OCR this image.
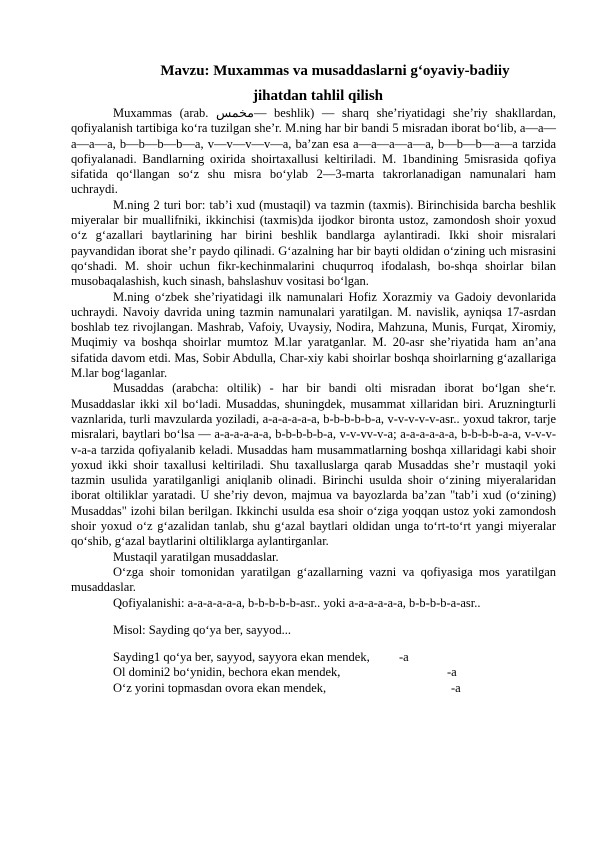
Mavzu: Muxammas va musaddaslarni g‘oyaviy-badiiy
jihatdan tahlil qilish

Muxammas (arab. مخمس— beshlik) — sharq she’riyatidagi she’riy shakllardan, qofiyalanish tartibiga ko‘ra tuzilgan she’r. M.ning har bir bandi 5 misradan iborat bo‘lib, a—a—a—a—a, b—b—b—b—a, v—v—v—v—a, ba’zan esa a—a—a—a—a, b—b—b—a—a tarzida qofiyalanadi. Bandlarning oxirida shoirtaxallusi keltiriladi. M. 1bandining 5misrasida qofiya sifatida qo‘llangan so‘z shu misra bo‘ylab 2—3-marta takrorlanadigan namunalari ham uchraydi.

M.ning 2 turi bor: tab’i xud (mustaqil) va tazmin (taxmis). Birinchisida barcha beshlik miyeralar bir muallifniki, ikkinchisi (taxmis)da ijodkor bironta ustoz, zamondosh shoir yoxud o‘z g‘azallari baytlarining har birini beshlik bandlarga aylantiradi. Ikki shoir misralari payvandidan iborat she’r paydo qilinadi. G‘azalning har bir bayti oldidan o‘zining uch misrasini qo‘shadi. M. shoir uchun fikr-kechinmalarini chuqurroq ifodalash, bo-shqa shoirlar bilan musobaqalashish, kuch sinash, bahslashuv vositasi bo‘lgan.

M.ning o‘zbek she’riyatidagi ilk namunalari Hofiz Xorazmiy va Gadoiy devonlarida uchraydi. Navoiy davrida uning tazmin namunalari yaratilgan. M. navislik, ayniqsa 17-asrdan boshlab tez rivojlangan. Mashrab, Vafoiy, Uvaysiy, Nodira, Mahzuna, Munis, Furqat, Xiromiy, Muqimiy va boshqa shoirlar mumtoz M.lar yaratganlar. M. 20-asr she’riyatida ham an’ana sifatida davom etdi. Mas, Sobir Abdulla, Char-xiy kabi shoirlar boshqa shoirlarning g‘azallariga M.lar bog‘laganlar.

Musaddas (arabcha: oltilik) - har bir bandi olti misradan iborat bo‘lgan she‘r. Musaddaslar ikki xil bo‘ladi. Musaddas, shuningdek, musammat xillaridan biri. Aruzningturli vaznlarida, turli mavzularda yoziladi, a-a-a-a-a-a, b-b-b-b-b-a, v-v-v-v-v-asr.. yoxud takror, tarje misralari, baytlari bo‘lsa — a-a-a-a-a-a, b-b-b-b-b-a, v-v-vv-v-a; a-a-a-a-a-a, b-b-b-b-a-a, v-v-v-v-a-a tarzida qofiyalanib keladi. Musaddas ham musammatlarning boshqa xillaridagi kabi shoir yoxud ikki shoir taxallusi keltiriladi. Shu taxalluslarga qarab Musaddas she’r mustaqil yoki tazmin usulida yaratilganligi aniqlanib olinadi. Birinchi usulda shoir o‘zining miyeralaridan iborat oltiliklar yaratadi. U she’riy devon, majmua va bayozlarda ba’zan "tab’i xud (o‘zining) Musaddas" izohi bilan berilgan. Ikkinchi usulda esa shoir o‘ziga yoqqan ustoz yoki zamondosh shoir yoxud o‘z g‘azalidan tanlab, shu g‘azal baytlari oldidan unga to‘rt-to‘rt yangi miyeralar qo‘shib, g‘azal baytlarini oltiliklarga aylantirganlar.

Mustaqil yaratilgan musaddaslar.

O‘zga shoir tomonidan yaratilgan g‘azallarning vazni va qofiyasiga mos yaratilgan musaddaslar.

Qofiyalanishi: a-a-a-a-a-a, b-b-b-b-b-asr.. yoki a-a-a-a-a-a, b-b-b-b-a-asr..

Misol: Sayding qo‘ya ber, sayyod...

Sayding1 qo‘ya ber, sayyod, sayyora ekan mendek,	-a
Ol domini2 bo‘ynidin, bechora ekan mendek,	-a
O‘z yorini topmasdan ovora ekan mendek,	-a
